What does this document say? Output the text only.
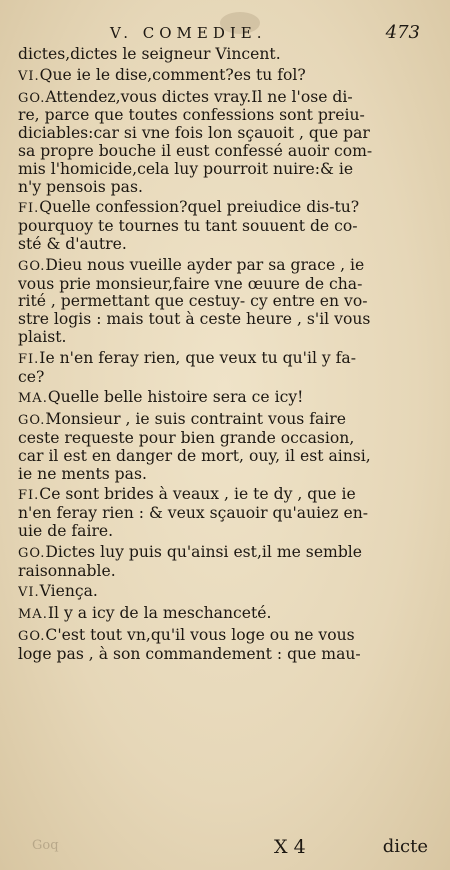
V. COMEDIE.	473
dictes,dictes le seigneur Vincent.
VI.Que ie le dise,comment?es tu fol?
GO.Attendez,vous dictes vray.Il ne l'ose di-
re, parce que toutes confessions sont preiu-
diciables:car si vne fois lon sçauoit , que par
sa propre bouche il eust confessé auoir com-
mis l'homicide,cela luy pourroit nuire:& ie
n'y pensois pas.
FI.Quelle confession?quel preiudice dis-tu?
pourquoy te tournes tu tant souuent de co-
sté & d'autre.
GO.Dieu nous vueille ayder par sa grace , ie
vous prie monsieur,faire vne œuure de cha-
rité , permettant que cestuy- cy entre en vo-
stre logis : mais tout à ceste heure , s'il vous
plaist.
FI.Ie n'en feray rien, que veux tu qu'il y fa-
ce?
MA.Quelle belle histoire sera ce icy!
GO.Monsieur , ie suis contraint vous faire
ceste requeste pour bien grande occasion,
car il est en danger de mort, ouy, il est ainsi,
ie ne ments pas.
FI.Ce sont brides à veaux , ie te dy , que ie
n'en feray rien : & veux sçauoir qu'auiez en-
uie de faire.
GO.Dictes luy puis qu'ainsi est,il me semble
raisonnable.
VI.Viença.
MA.Il y a icy de la meschanceté.
GO.C'est tout vn,qu'il vous loge ou ne vous
loge pas , à son commandement : que mau-
Goq	X 4	dicte
